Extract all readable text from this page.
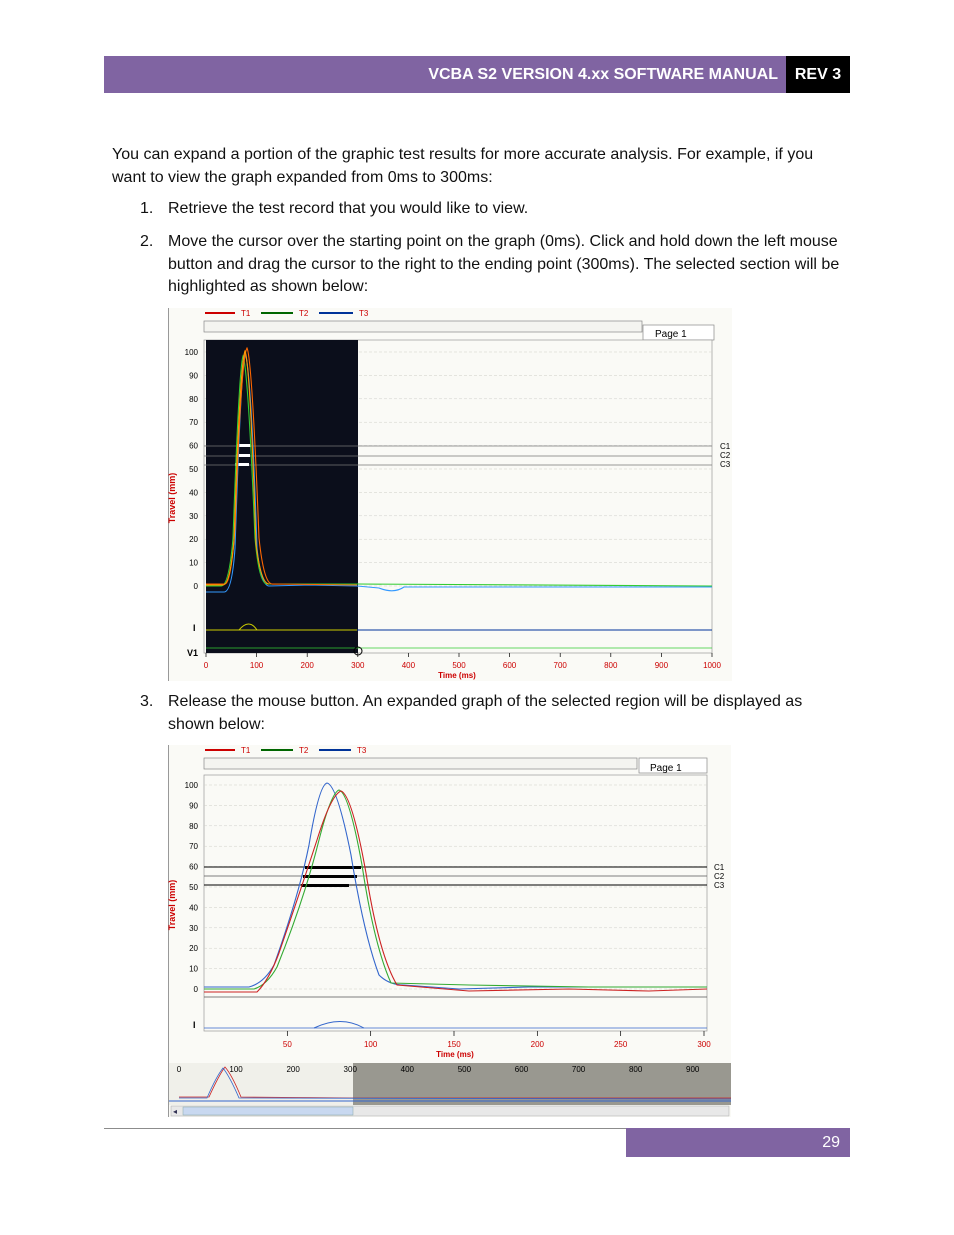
VCBA S2 VERSION 4.xx SOFTWARE MANUAL	REV 3
You can expand a portion of the graphic test results for more accurate analysis. For example, if you want to view the graph expanded from 0ms to 300ms:
1. Retrieve the test record that you would like to view.
2. Move the cursor over the starting point on the graph (0ms). Click and hold down the left mouse button and drag the cursor to the right to the ending point (300ms). The selected section will be highlighted as shown below:
T1	T2	T3
Page 1
0
10
20
30
40
50
60
70
80
90
100
0	100	200	300	400	500	600	700	800	900	1000
C1
C2
C3
I
V1
Travel (mm)
Time (ms)
3. Release the mouse button. An expanded graph of the selected region will be displayed as shown below:
T1	T2	T3
Page 1
0
10
20
30
40
50
60
70
80
90
100
50	100	150	200	250	300
C1
C2
C3
I
Travel (mm)
Time (ms)
0	100	200	300	400	500	600	700	800	900
◂
29
